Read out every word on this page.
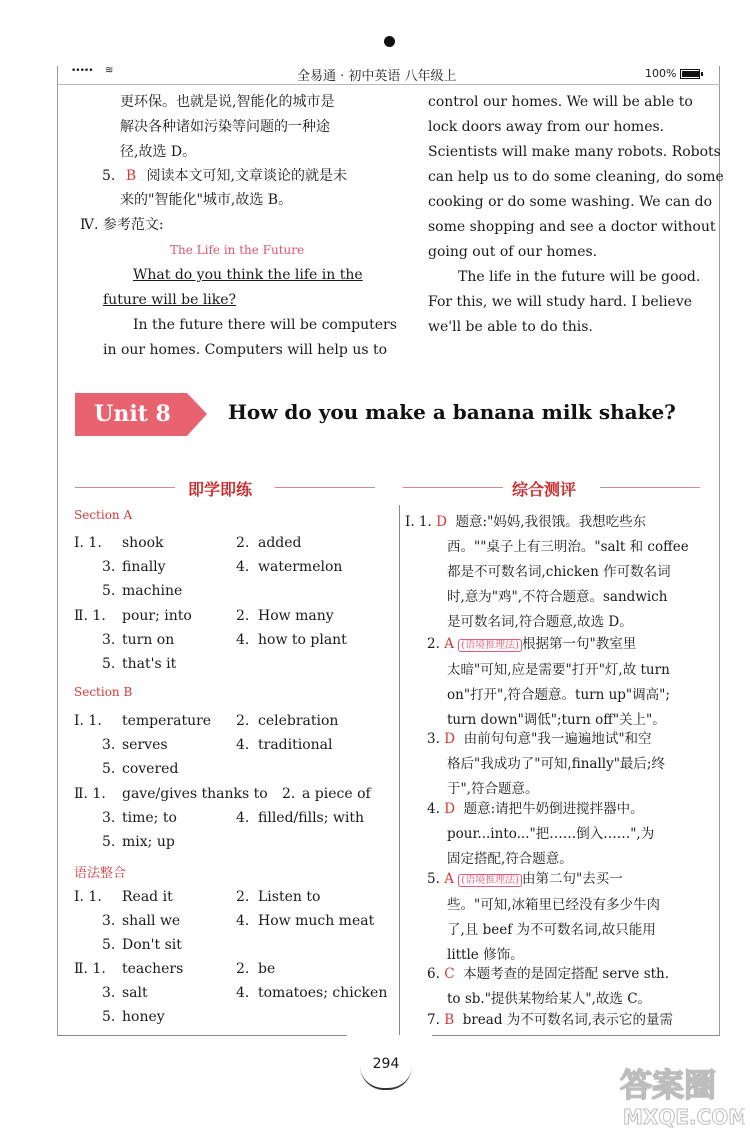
••••• ≋	全易通 · 初中英语 八年级上	100%
更环保。也就是说,智能化的城市是
解决各种诸如污染等问题的一种途
径,故选 D。
5. B 阅读本文可知,文章谈论的就是未
来的"智能化"城市,故选 B。
Ⅳ. 参考范文:
The Life in the Future
What do you think the life in the
future will be like?
In the future there will be computers
in our homes. Computers will help us to
control our homes. We will be able to
lock doors away from our homes.
Scientists will make many robots. Robots
can help us to do some cleaning, do some
cooking or do some washing. We can do
some shopping and see a doctor without
going out of our homes.
The life in the future will be good.
For this, we will study hard. I believe
we'll be able to do this.
Unit 8	How do you make a banana milk shake?
即学即练	综合测评
Section A
Ⅰ. 1. shook	2. added
3. finally	4. watermelon
5. machine
Ⅱ. 1. pour; into	2. How many
3. turn on	4. how to plant
5. that's it
Section B
Ⅰ. 1. temperature 2. celebration
3. serves	4. traditional
5. covered
Ⅱ. 1. gave/gives thanks to 2. a piece of
3. time; to	4. filled/fills; with
5. mix; up
语法整合
Ⅰ. 1. Read it	2. Listen to
3. shall we	4. How much meat
5. Don't sit
Ⅱ. 1. teachers	2. be
3. salt	4. tomatoes; chicken
5. honey
Ⅰ. 1. D 题意:"妈妈,我很饿。我想吃些东
西。""桌子上有三明治。"salt 和 coffee
都是不可数名词,chicken 作可数名词
时,意为"鸡",不符合题意。sandwich
是可数名词,符合题意,故选 D。
2. A (语境推理法) 根据第一句"教室里
太暗"可知,应是需要"打开"灯,故 turn
on"打开",符合题意。turn up"调高";
turn down"调低";turn off"关上"。
3. D 由前句句意"我一遍遍地试"和空
格后"我成功了"可知,finally"最后;终
于",符合题意。
4. D 题意:请把牛奶倒进搅拌器中。
pour...into..."把……倒入……",为
固定搭配,符合题意。
5. A (语境推理法) 由第二句"去买一
些。"可知,冰箱里已经没有多少牛肉
了,且 beef 为不可数名词,故只能用
little 修饰。
6. C 本题考查的是固定搭配 serve sth.
to sb."提供某物给某人",故选 C。
7. B bread 为不可数名词,表示它的量需
294
答案圈
MXQE.COM
